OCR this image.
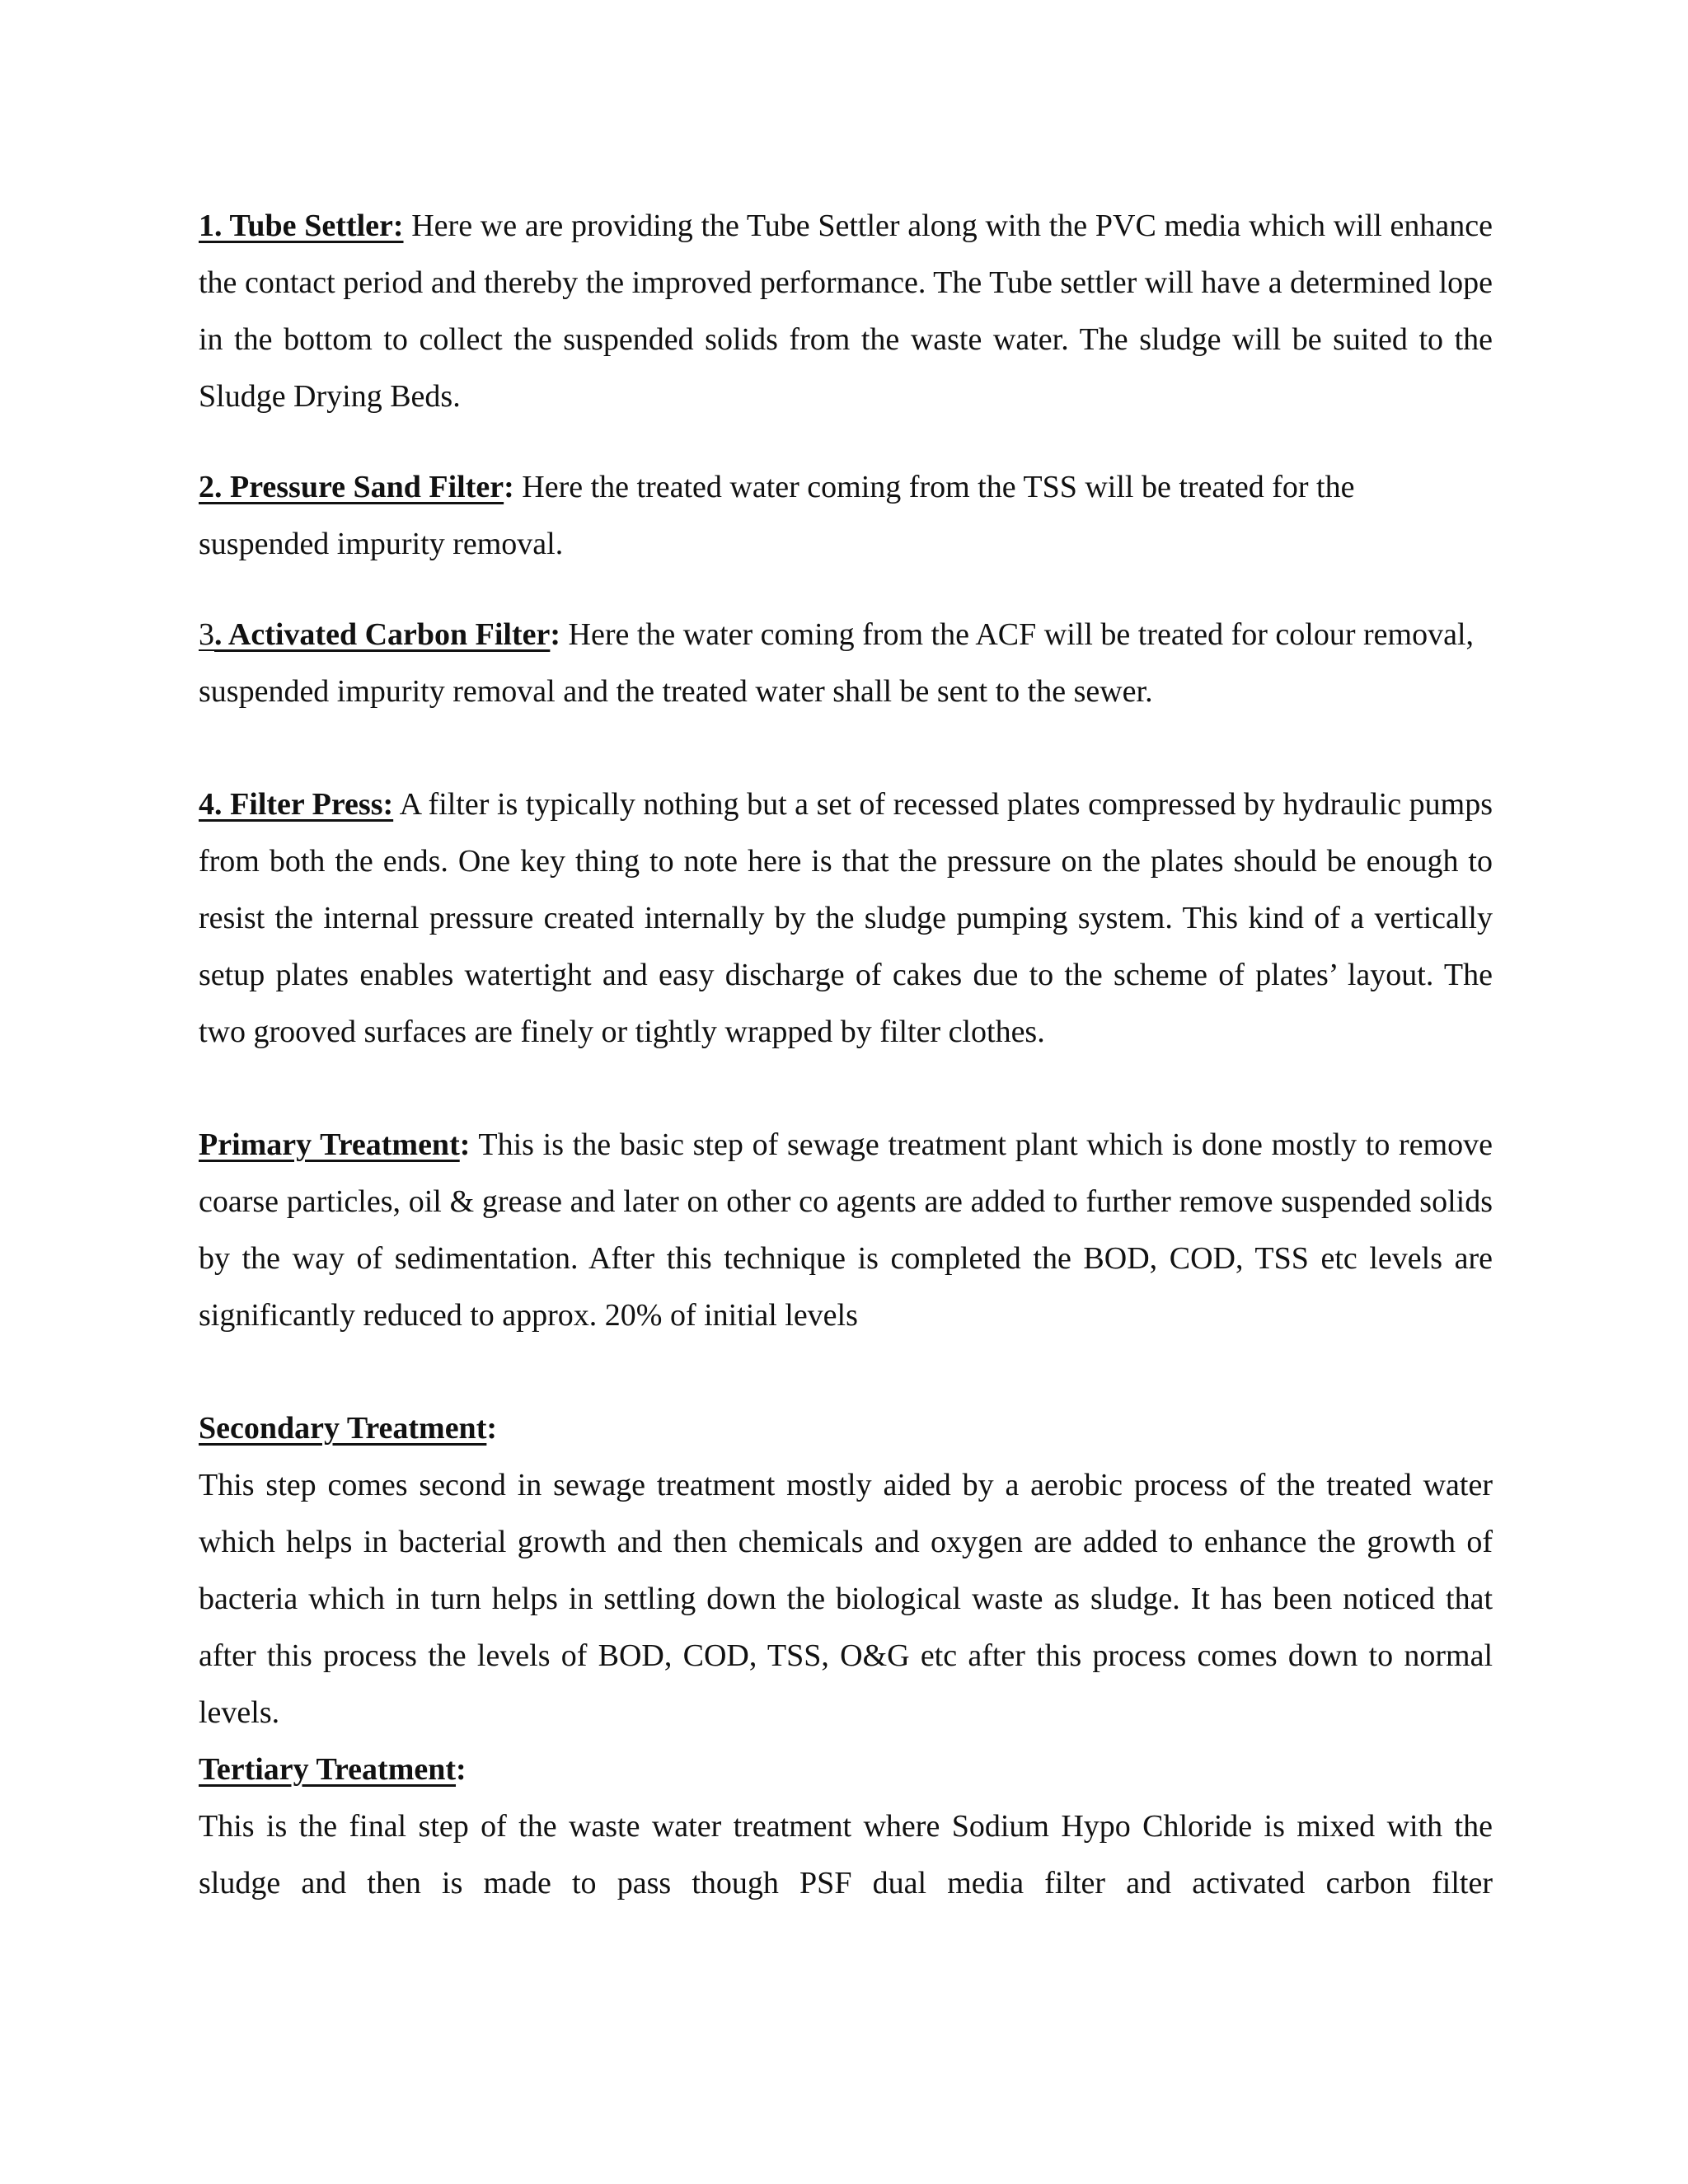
1. Tube Settler: Here we are providing the Tube Settler along with the PVC media which will enhance the contact period and thereby the improved performance. The Tube settler will have a determined lope in the bottom to collect the suspended solids from the waste water. The sludge will be suited to the Sludge Drying Beds.

2. Pressure Sand Filter: Here the treated water coming from the TSS will be treated for the suspended impurity removal.

3. Activated Carbon Filter: Here the water coming from the ACF will be treated for colour removal, suspended impurity removal and the treated water shall be sent to the sewer.

4. Filter Press: A filter is typically nothing but a set of recessed plates compressed by hydraulic pumps from both the ends. One key thing to note here is that the pressure on the plates should be enough to resist the internal pressure created internally by the sludge pumping system. This kind of a vertically setup plates enables watertight and easy discharge of cakes due to the scheme of plates’ layout. The two grooved surfaces are finely or tightly wrapped by filter clothes.

Primary Treatment: This is the basic step of sewage treatment plant which is done mostly to remove coarse particles, oil & grease and later on other co agents are added to further remove suspended solids by the way of sedimentation. After this technique is completed the BOD, COD, TSS etc levels are significantly reduced to approx. 20% of initial levels

Secondary Treatment:

This step comes second in sewage treatment mostly aided by a aerobic process of the treated water which helps in bacterial growth and then chemicals and oxygen are added to enhance the growth of bacteria which in turn helps in settling down the biological waste as sludge. It has been noticed that after this process the levels of BOD, COD, TSS, O&G etc after this process comes down to normal levels.

Tertiary Treatment:

This is the final step of the waste water treatment where Sodium Hypo Chloride is mixed with the sludge and then is made to pass though PSF dual media filter and activated carbon filter
